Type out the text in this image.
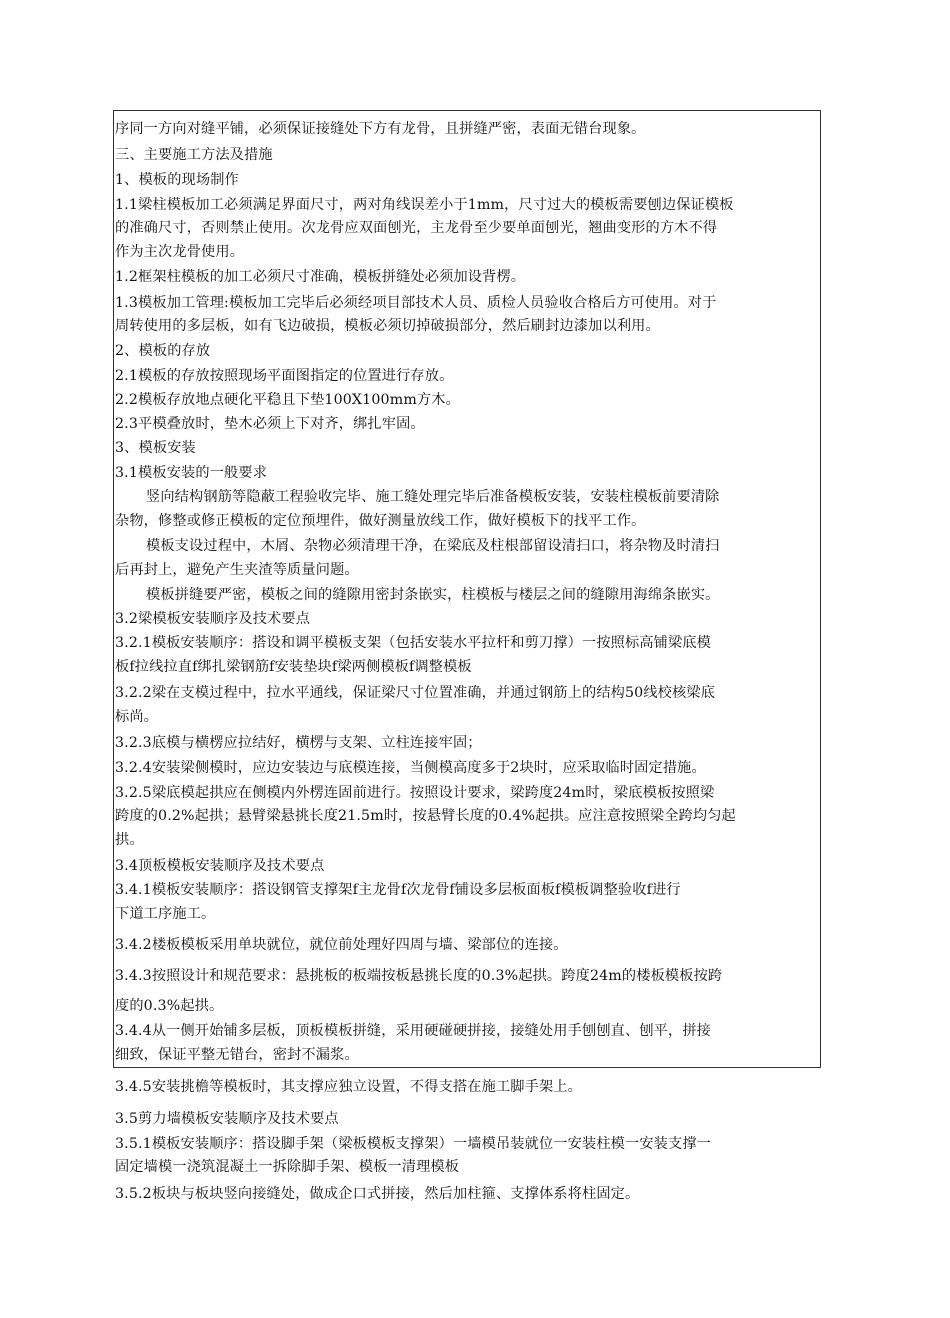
序同一方向对缝平铺，必须保证接缝处下方有龙骨，且拼缝严密，表面无错台现象。
三、主要施工方法及措施
1、模板的现场制作
1.1梁柱模板加工必须满足界面尺寸，两对角线误差小于1mm，尺寸过大的模板需要刨边保证模板
的准确尺寸，否则禁止使用。次龙骨应双面刨光，主龙骨至少要单面刨光，翘曲变形的方木不得
作为主次龙骨使用。
1.2框架柱模板的加工必须尺寸准确，模板拼缝处必须加设背楞。
1.3模板加工管理:模板加工完毕后必须经项目部技术人员、质检人员验收合格后方可使用。对于
周转使用的多层板，如有飞边破损，模板必须切掉破损部分，然后刷封边漆加以利用。
2、模板的存放
2.1模板的存放按照现场平面图指定的位置进行存放。
2.2模板存放地点硬化平稳且下垫100X100mm方木。
2.3平模叠放时，垫木必须上下对齐，绑扎牢固。
3、模板安装
3.1模板安装的一般要求
竖向结构钢筋等隐蔽工程验收完毕、施工缝处理完毕后准备模板安装，安装柱模板前要清除
杂物，修整或修正模板的定位预埋件，做好测量放线工作，做好模板下的找平工作。
模板支设过程中，木屑、杂物必须清理干净，在梁底及柱根部留设清扫口，将杂物及时清扫
后再封上，避免产生夹渣等质量问题。
模板拼缝要严密，模板之间的缝隙用密封条嵌实，柱模板与楼层之间的缝隙用海绵条嵌实。
3.2梁模板安装顺序及技术要点
3.2.1模板安装顺序：搭设和调平模板支架（包括安装水平拉杆和剪刀撑）一按照标高铺梁底模
板f拉线拉直f绑扎梁钢筋f安装垫块f梁两侧模板f调整模板
3.2.2梁在支模过程中，拉水平通线，保证梁尺寸位置准确，并通过钢筋上的结构50线校核梁底
标尚。
3.2.3底模与横楞应拉结好，横楞与支架、立柱连接牢固；
3.2.4安装梁侧模时，应边安装边与底模连接，当侧模高度多于2块时，应采取临时固定措施。
3.2.5梁底模起拱应在侧模内外楞连固前进行。按照设计要求，梁跨度24m时，梁底模板按照梁
跨度的0.2%起拱；悬臂梁悬挑长度21.5m时，按悬臂长度的0.4%起拱。应注意按照梁全跨均匀起
拱。
3.4顶板模板安装顺序及技术要点
3.4.1模板安装顺序：搭设钢管支撑架f主龙骨f次龙骨f铺设多层板面板f模板调整验收f进行
下道工序施工。
3.4.2楼板模板采用单块就位，就位前处理好四周与墙、梁部位的连接。
3.4.3按照设计和规范要求：悬挑板的板端按板悬挑长度的0.3%起拱。跨度24m的楼板模板按跨
度的0.3%起拱。
3.4.4从一侧开始铺多层板，顶板模板拼缝，采用硬碰硬拼接，接缝处用手刨刨直、刨平，拼接
细致，保证平整无错台，密封不漏浆。
3.4.5安装挑檐等模板时，其支撑应独立设置，不得支搭在施工脚手架上。
3.5剪力墙模板安装顺序及技术要点
3.5.1模板安装顺序：搭设脚手架（梁板模板支撑架）一墙模吊装就位一安装柱模一安装支撑一
固定墙模一浇筑混凝土一拆除脚手架、模板一清理模板
3.5.2板块与板块竖向接缝处，做成企口式拼接，然后加柱箍、支撑体系将柱固定。
